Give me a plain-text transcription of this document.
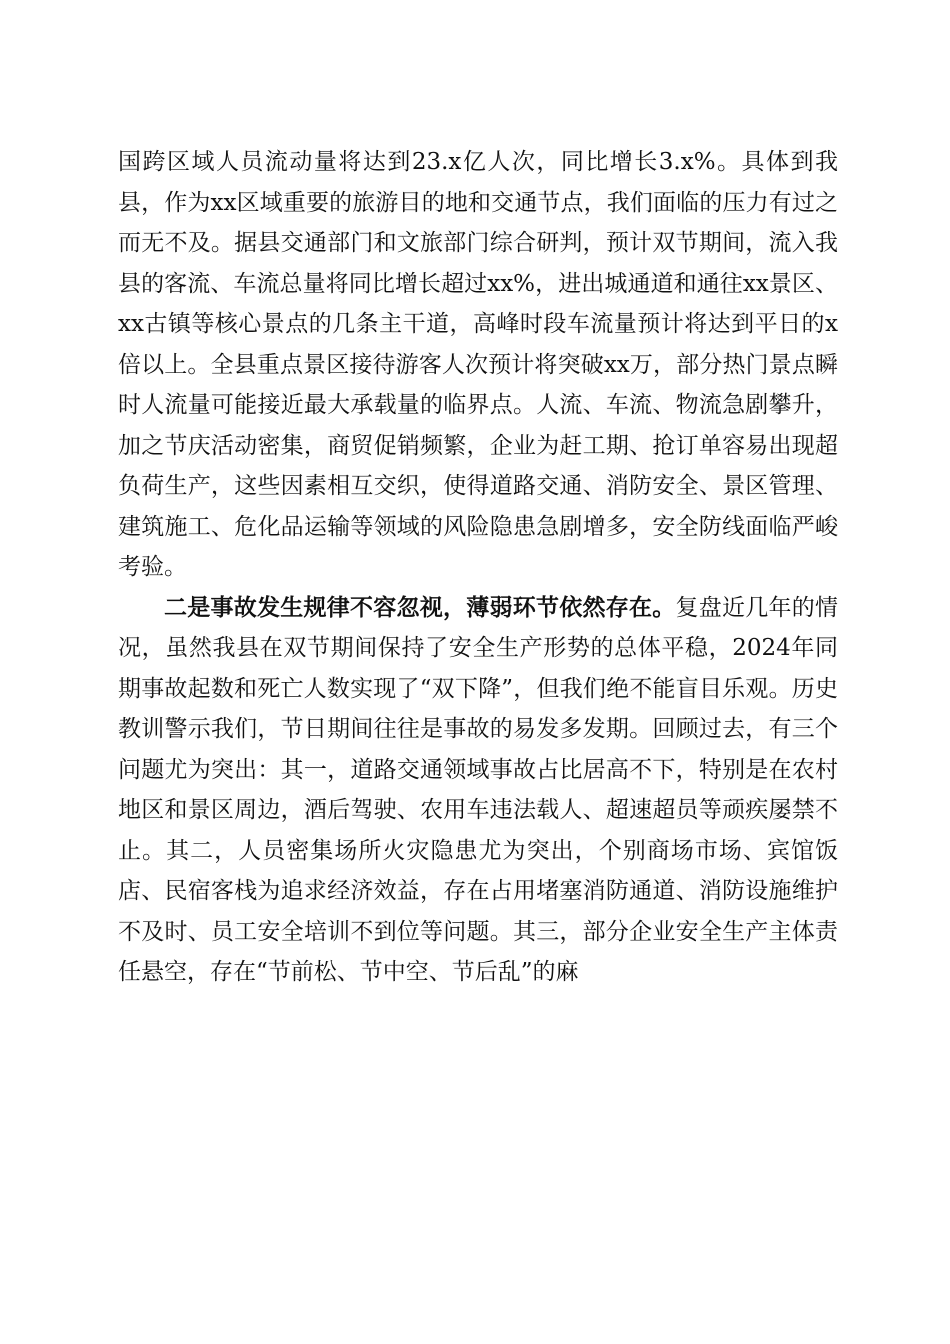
国跨区域人员流动量将达到23.x亿人次，同比增长3.x%。具体到我县，作为xx区域重要的旅游目的地和交通节点，我们面临的压力有过之而无不及。据县交通部门和文旅部门综合研判，预计双节期间，流入我县的客流、车流总量将同比增长超过xx%，进出城通道和通往xx景区、xx古镇等核心景点的几条主干道，高峰时段车流量预计将达到平日的x倍以上。全县重点景区接待游客人次预计将突破xx万，部分热门景点瞬时人流量可能接近最大承载量的临界点。人流、车流、物流急剧攀升，加之节庆活动密集，商贸促销频繁，企业为赶工期、抢订单容易出现超负荷生产，这些因素相互交织，使得道路交通、消防安全、景区管理、建筑施工、危化品运输等领域的风险隐患急剧增多，安全防线面临严峻考验。

二是事故发生规律不容忽视，薄弱环节依然存在。复盘近几年的情况，虽然我县在双节期间保持了安全生产形势的总体平稳，2024年同期事故起数和死亡人数实现了“双下降”，但我们绝不能盲目乐观。历史教训警示我们，节日期间往往是事故的易发多发期。回顾过去，有三个问题尤为突出：其一，道路交通领域事故占比居高不下，特别是在农村地区和景区周边，酒后驾驶、农用车违法载人、超速超员等顽疾屡禁不止。其二，人员密集场所火灾隐患尤为突出，个别商场市场、宾馆饭店、民宿客栈为追求经济效益，存在占用堵塞消防通道、消防设施维护不及时、员工安全培训不到位等问题。其三，部分企业安全生产主体责任悬空，存在“节前松、节中空、节后乱”的麻
